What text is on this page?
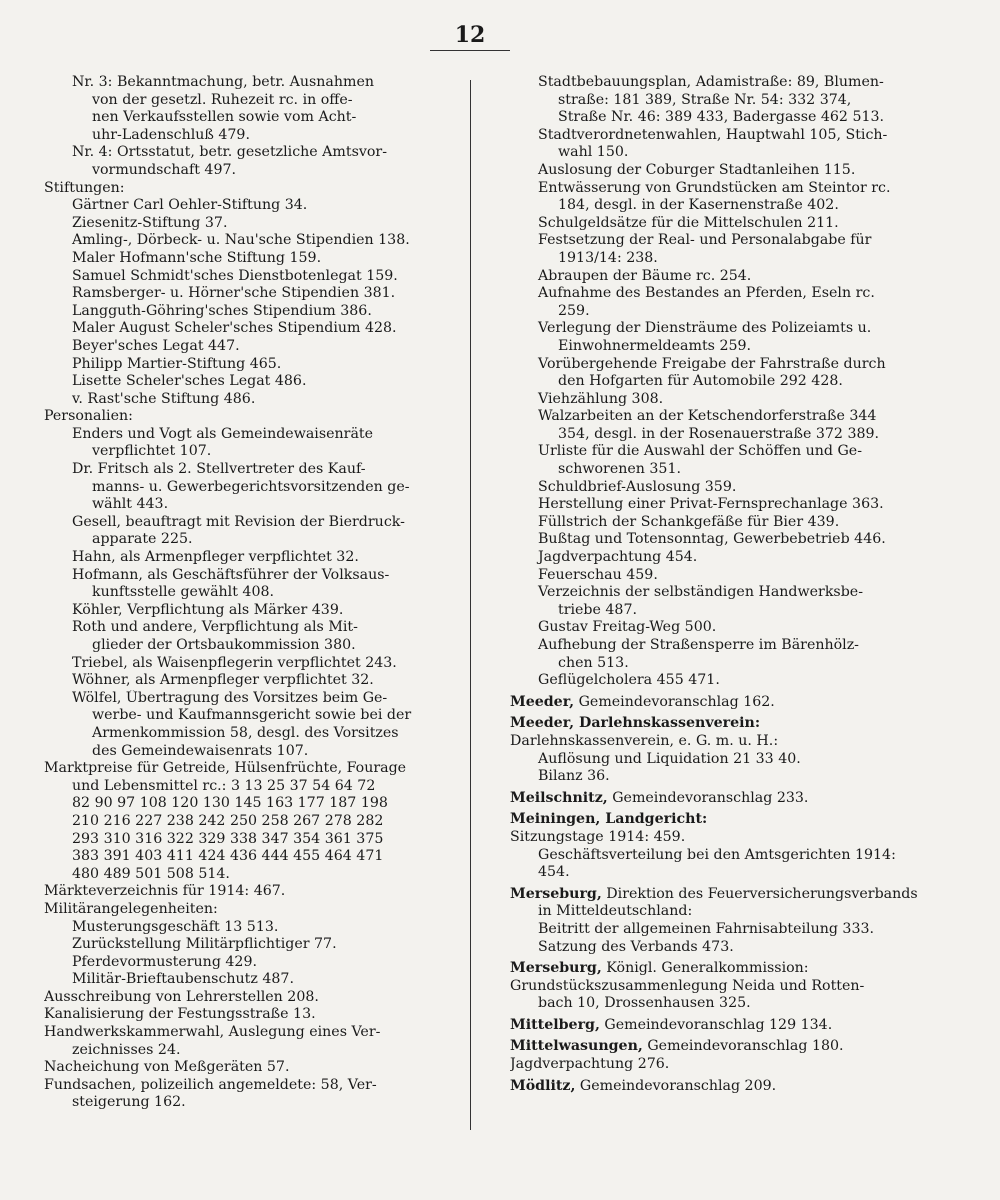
12
Nr. 3: Bekanntmachung, betr. Ausnahmen
von der gesetzl. Ruhezeit rc. in offe-
nen Verkaufsstellen sowie vom Acht-
uhr-Ladenschluß 479.
Nr. 4: Ortsstatut, betr. gesetzliche Amtsvor-
vormundschaft 497.
Stiftungen:
Gärtner Carl Oehler-Stiftung 34.
Ziesenitz-Stiftung 37.
Amling-, Dörbeck- u. Nau'sche Stipendien 138.
Maler Hofmann'sche Stiftung 159.
Samuel Schmidt'sches Dienstbotenlegat 159.
Ramsberger- u. Hörner'sche Stipendien 381.
Langguth-Göhring'sches Stipendium 386.
Maler August Scheler'sches Stipendium 428.
Beyer'sches Legat 447.
Philipp Martier-Stiftung 465.
Lisette Scheler'sches Legat 486.
v. Rast'sche Stiftung 486.
Personalien:
Enders und Vogt als Gemeindewaisenräte
verpflichtet 107.
Dr. Fritsch als 2. Stellvertreter des Kauf-
manns- u. Gewerbegerichtsvorsitzenden ge-
wählt 443.
Gesell, beauftragt mit Revision der Bierdruck-
apparate 225.
Hahn, als Armenpfleger verpflichtet 32.
Hofmann, als Geschäftsführer der Volksaus-
kunftsstelle gewählt 408.
Köhler, Verpflichtung als Märker 439.
Roth und andere, Verpflichtung als Mit-
glieder der Ortsbaukommission 380.
Triebel, als Waisenpflegerin verpflichtet 243.
Wöhner, als Armenpfleger verpflichtet 32.
Wölfel, Übertragung des Vorsitzes beim Ge-
werbe- und Kaufmannsgericht sowie bei der
Armenkommission 58, desgl. des Vorsitzes
des Gemeindewaisenrats 107.
Marktpreise für Getreide, Hülsenfrüchte, Fourage
und Lebensmittel rc.: 3 13 25 37 54 64 72
82 90 97 108 120 130 145 163 177 187 198
210 216 227 238 242 250 258 267 278 282
293 310 316 322 329 338 347 354 361 375
383 391 403 411 424 436 444 455 464 471
480 489 501 508 514.
Märkteverzeichnis für 1914: 467.
Militärangelegenheiten:
Musterungsgeschäft 13 513.
Zurückstellung Militärpflichtiger 77.
Pferdevormusterung 429.
Militär-Brieftaubenschutz 487.
Ausschreibung von Lehrerstellen 208.
Kanalisierung der Festungsstraße 13.
Handwerkskammerwahl, Auslegung eines Ver-
zeichnisses 24.
Nacheichung von Meßgeräten 57.
Fundsachen, polizeilich angemeldete: 58, Ver-
steigerung 162.
Stadtbebauungsplan, Adamistraße: 89, Blumen-
straße: 181 389, Straße Nr. 54: 332 374,
Straße Nr. 46: 389 433, Badergasse 462 513.
Stadtverordnetenwahlen, Hauptwahl 105, Stich-
wahl 150.
Auslosung der Coburger Stadtanleihen 115.
Entwässerung von Grundstücken am Steintor rc.
184, desgl. in der Kasernenstraße 402.
Schulgeldsätze für die Mittelschulen 211.
Festsetzung der Real- und Personalabgabe für
1913/14: 238.
Abraupen der Bäume rc. 254.
Aufnahme des Bestandes an Pferden, Eseln rc.
259.
Verlegung der Diensträume des Polizeiamts u.
Einwohnermeldeamts 259.
Vorübergehende Freigabe der Fahrstraße durch
den Hofgarten für Automobile 292 428.
Viehzählung 308.
Walzarbeiten an der Ketschendorferstraße 344
354, desgl. in der Rosenauerstraße 372 389.
Urliste für die Auswahl der Schöffen und Ge-
schworenen 351.
Schuldbrief-Auslosung 359.
Herstellung einer Privat-Fernsprechanlage 363.
Füllstrich der Schankgefäße für Bier 439.
Bußtag und Totensonntag, Gewerbebetrieb 446.
Jagdverpachtung 454.
Feuerschau 459.
Verzeichnis der selbständigen Handwerksbe-
triebe 487.
Gustav Freitag-Weg 500.
Aufhebung der Straßensperre im Bärenhölz-
chen 513.
Geflügelcholera 455 471.
Meeder, Gemeindevoranschlag 162.
Meeder, Darlehnskassenverein:
Darlehnskassenverein, e. G. m. u. H.:
Auflösung und Liquidation 21 33 40.
Bilanz 36.
Meilschnitz, Gemeindevoranschlag 233.
Meiningen, Landgericht:
Sitzungstage 1914: 459.
Geschäftsverteilung bei den Amtsgerichten 1914:
454.
Merseburg, Direktion des Feuerversicherungsverbands
in Mitteldeutschland:
Beitritt der allgemeinen Fahrnisabteilung 333.
Satzung des Verbands 473.
Merseburg, Königl. Generalkommission:
Grundstückszusammenlegung Neida und Rotten-
bach 10, Drossenhausen 325.
Mittelberg, Gemeindevoranschlag 129 134.
Mittelwasungen, Gemeindevoranschlag 180.
Jagdverpachtung 276.
Mödlitz, Gemeindevoranschlag 209.
